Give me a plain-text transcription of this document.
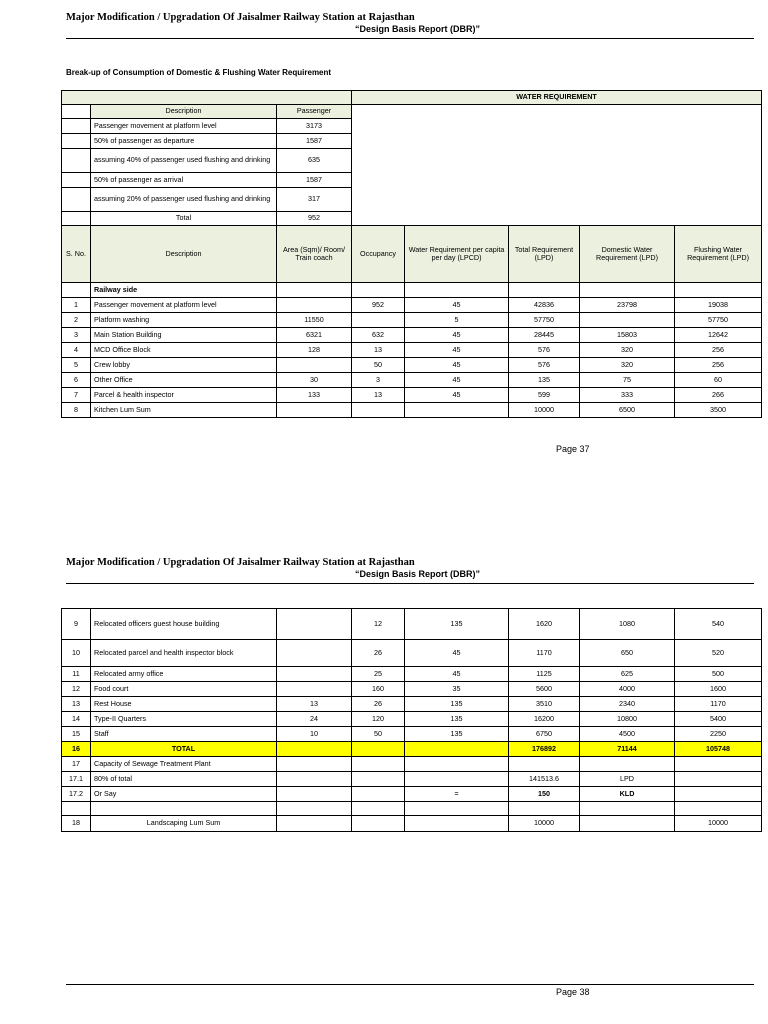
Major Modification / Upgradation Of Jaisalmer Railway Station at Rajasthan
“Design Basis Report (DBR)”
Break-up of Consumption of Domestic & Flushing Water Requirement
			WATER REQUIREMENT				
	Description	Passenger					
	Passenger movement at platform level	3173					
	50% of passenger as departure	1587					
	assuming 40% of passenger used flushing and drinking	635					
	50% of passenger as arrival	1587					
	assuming 20% of passenger used flushing and drinking	317					
	Total	952					
S. No.	Description	Area (Sqm)/ Room/ Train coach	Occupancy	Water Requirement per capita per day (LPCD)	Total Requirement (LPD)	Domestic Water Requirement (LPD)	Flushing Water Requirement (LPD)
	Railway side						
1	Passenger movement at platform level		952	45	42836	23798	19038
2	Platform washing	11550		5	57750		57750
3	Main Station Building	6321	632	45	28445	15803	12642
4	MCD Office Block	128	13	45	576	320	256
5	Crew lobby		50	45	576	320	256
6	Other Office	30	3	45	135	75	60
7	Parcel & health inspector	133	13	45	599	333	266
8	Kitchen Lum Sum				10000	6500	3500
Page 37
Major Modification / Upgradation Of Jaisalmer Railway Station at Rajasthan
“Design Basis Report (DBR)”
9	Relocated officers guest house building		12	135	1620	1080	540
10	Relocated parcel and health inspector block		26	45	1170	650	520
11	Relocated army office		25	45	1125	625	500
12	Food court		160	35	5600	4000	1600
13	Rest House	13	26	135	3510	2340	1170
14	Type-II Quarters	24	120	135	16200	10800	5400
15	Staff	10	50	135	6750	4500	2250
16	TOTAL				176892	71144	105748
17	Capacity of Sewage Treatment Plant						
17.1	80% of total				141513.6	LPD	
17.2	Or Say			=	150	KLD	

18	Landscaping Lum Sum				10000		10000
Page 38
